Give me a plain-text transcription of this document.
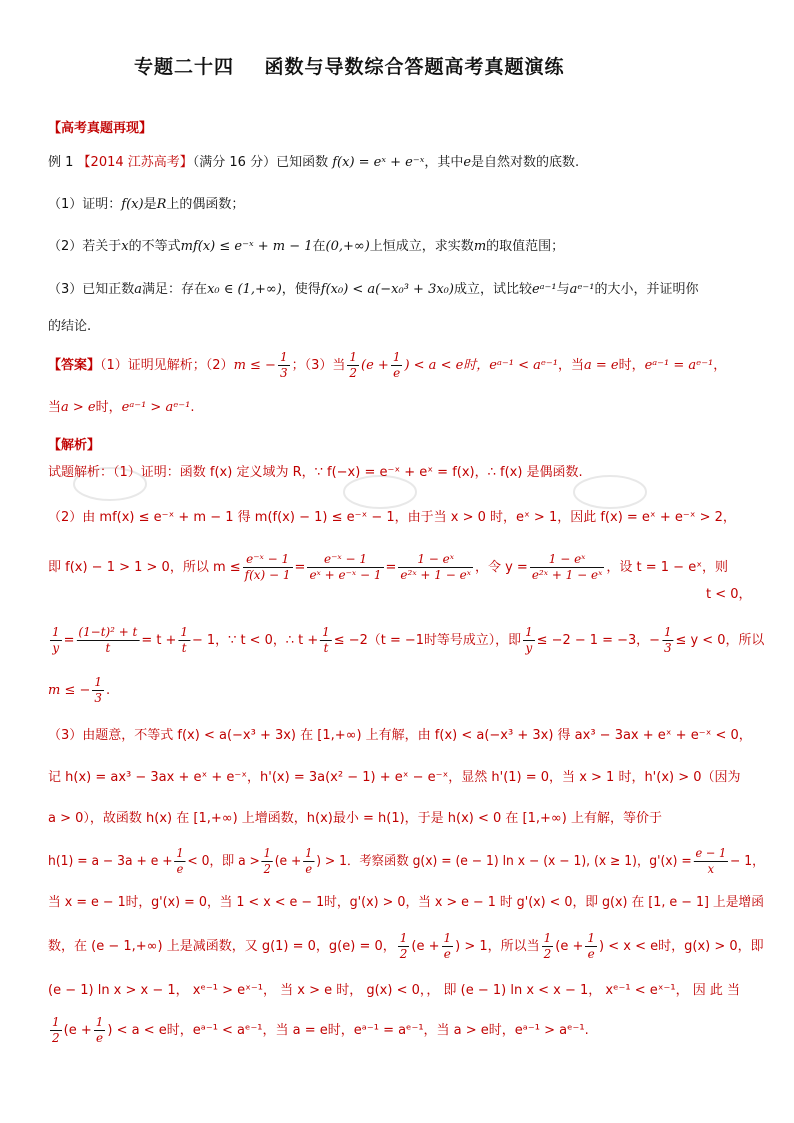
专题二十四    函数与导数综合答题高考真题演练
【高考真题再现】
例 1 【2014 江苏高考】（满分 16 分）已知函数 f(x) = eˣ + e⁻ˣ，其中e是自然对数的底数.
（1）证明：f(x)是R上的偶函数；
（2）若关于x的不等式mf(x) ≤ e⁻ˣ + m − 1在(0,+∞)上恒成立，求实数m的取值范围；
（3）已知正数a满足：存在x₀ ∈ (1,+∞)，使得f(x₀) < a(−x₀³ + 3x₀)成立，试比较eᵃ⁻¹与aᵉ⁻¹的大小，并证明你
的结论.
【答案】（1）证明见解析；（2）m ≤ − $\frac{1}{3}$ ；（3）当 $\frac{1}{2} (e + \frac{1}{e}$ ) < a < e时，eᵃ⁻¹ < aᵉ⁻¹，当a = e时，eᵃ⁻¹ = aᵉ⁻¹，
当a > e时，eᵃ⁻¹ > aᵉ⁻¹.
【解析】
试题解析：（1）证明：函数 f(x) 定义域为 R，∵ f(−x) = e⁻ˣ + eˣ = f(x)，∴ f(x) 是偶函数.
（2）由 mf(x) ≤ e⁻ˣ + m − 1 得 m(f(x) − 1) ≤ e⁻ˣ − 1，由于当 x > 0 时，eˣ > 1，因此 f(x) = eˣ + e⁻ˣ > 2，
即 f(x) − 1 > 1 > 0，所以 $m \le \frac{\text{e⁻ˣ − 1}}{f(x) - 1} = \frac{\text{e⁻ˣ − 1}}{\text{eˣ + e⁻ˣ − 1}} = \frac{\text{1 − eˣ}}{\text{e²ˣ + 1 − eˣ}}$ ，令 $y = \frac{\text{1 − eˣ}}{\text{e²ˣ + 1 − eˣ}}$ ，设 t = 1 − eˣ，则
t < 0，
$\frac{1}{y} = \frac{\text{(1−t)² + t}}{t} = t + \frac{1}{t} - 1$，∵ t < 0，∴ $t + \frac{1}{t} \le -2(t = -1$时等号成立），即 $\frac{1}{y} \le -2 - 1 = -3$，− $\frac{1}{3} \le y < 0$，所以
m ≤ − $\frac{1}{3}$ .
（3）由题意，不等式 f(x) < a(−x³ + 3x) 在 [1,+∞) 上有解，由 f(x) < a(−x³ + 3x) 得 ax³ − 3ax + eˣ + e⁻ˣ < 0，
记 h(x) = ax³ − 3ax + eˣ + e⁻ˣ，h'(x) = 3a(x² − 1) + eˣ − e⁻ˣ，显然 h'(1) = 0，当 x > 1 时，h'(x) > 0（因为
a > 0），故函数 h(x) 在 [1,+∞) 上增函数，h(x)最小 = h(1)，于是 h(x) < 0 在 [1,+∞) 上有解，等价于
$h(1) = a - 3a + e + \frac{1}{e} < 0$，即 $a > \frac{1}{2} (e + \frac{1}{e}$ ) > 1．考察函数 g(x) = (e − 1) ln x − (x − 1), (x ≥ 1)，$g'(x) = \frac{e - 1}{x} - 1$，
当 x = e − 1时，g'(x) = 0，当 1 < x < e − 1时，g'(x) > 0，当 x > e − 1 时 g'(x) < 0，即 g(x) 在 [1, e − 1] 上是增函
数，在 (e − 1,+∞) 上是减函数，又 g(1) = 0，g(e) = 0， $\frac{1}{2} (e + \frac{1}{e}$ ) > 1，所以当 $\frac{1}{2} (e + \frac{1}{e}$ ) < x < e时，g(x) > 0，即
(e − 1) ln x > x − 1， xᵉ⁻¹ > eˣ⁻¹， 当 x > e 时， g(x) < 0，， 即 (e − 1) ln x < x − 1， xᵉ⁻¹ < eˣ⁻¹， 因 此 当
$\frac{1}{2} (e + \frac{1}{e}$ ) < a < e时，eᵃ⁻¹ < aᵉ⁻¹，当 a = e时，eᵃ⁻¹ = aᵉ⁻¹，当 a > e时，eᵃ⁻¹ > aᵉ⁻¹.
